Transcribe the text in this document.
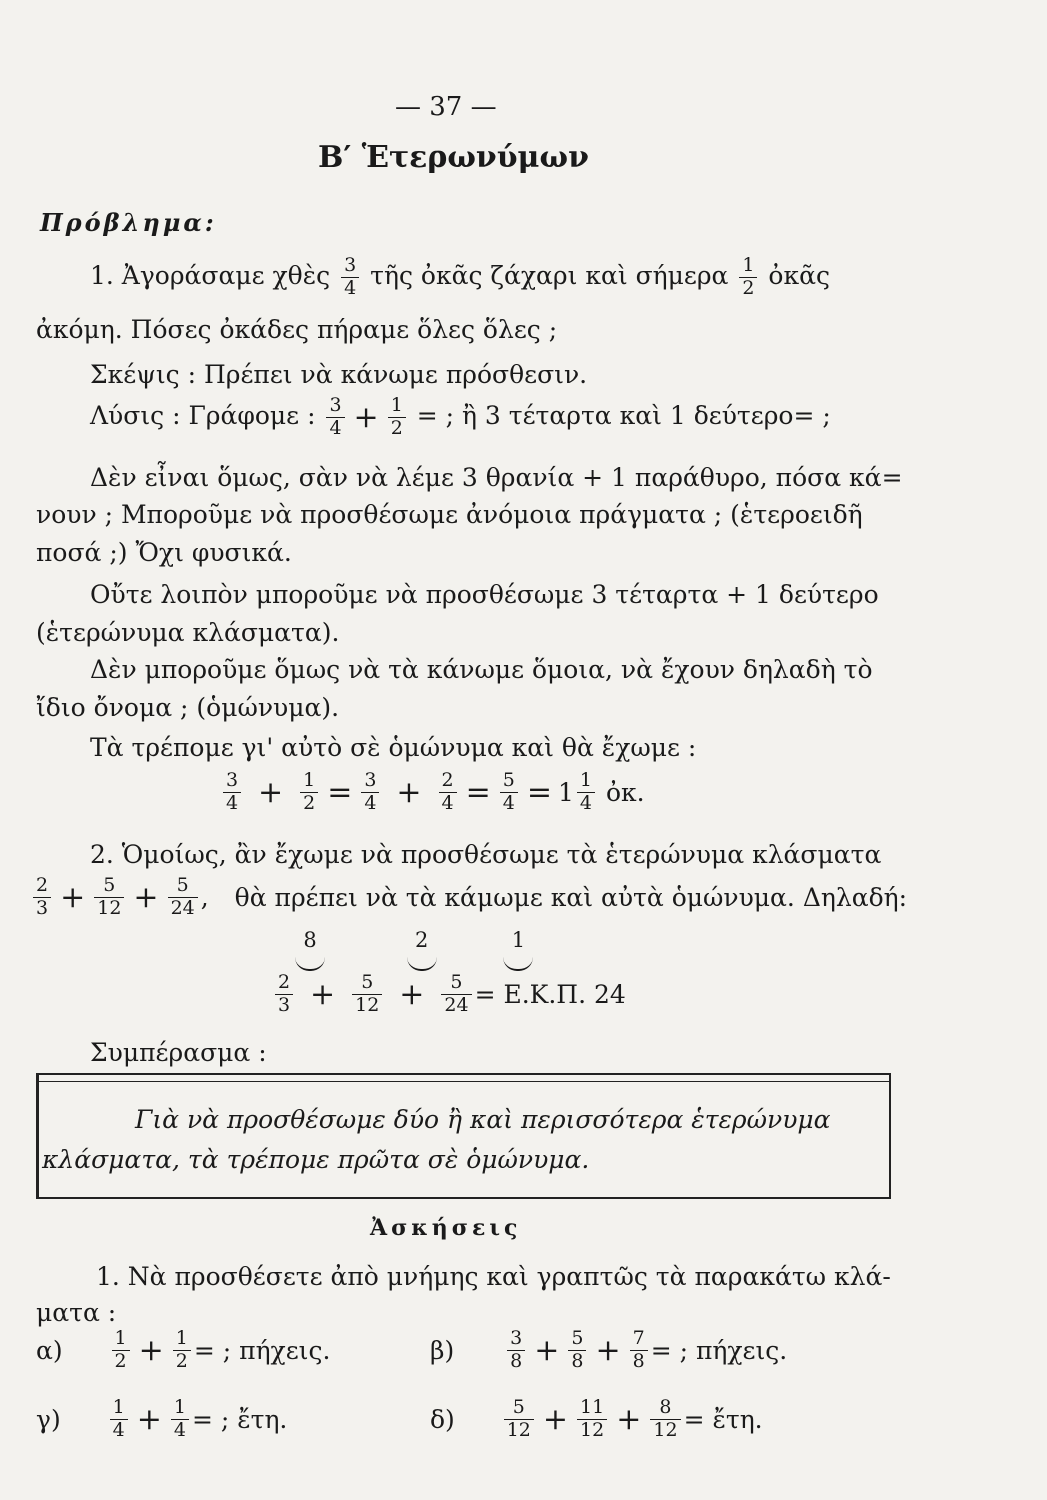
— 37 —
Β′ Ἑτερωνύμων
Πρόβλημα:
1. Ἀγοράσαμε χθὲς $\frac{3}{4}$ τῆς ὀκᾶς ζάχαρι καὶ σήμερα $\frac{1}{2}$ ὀκᾶς
ἀκόμη. Πόσες ὀκάδες πήραμε ὅλες ὅλες ;
Σκέψις : Πρέπει νὰ κάνωμε πρόσθεσιν.
Λύσις : Γράφομε : $\frac{3}{4} + \frac{1}{2}$ = ; ἢ 3 τέταρτα καὶ 1 δεύτερο= ;
Δὲν εἶναι ὅμως, σὰν νὰ λέμε 3 θρανία + 1 παράθυρο, πόσα κά=
νουν ; Μποροῦμε νὰ προσθέσωμε ἀνόμοια πράγματα ; (ἑτεροειδῆ
ποσά ;) Ὄχι φυσικά.
Οὔτε λοιπὸν μποροῦμε νὰ προσθέσωμε 3 τέταρτα + 1 δεύτερο
(ἑτερώνυμα κλάσματα).
Δὲν μποροῦμε ὅμως νὰ τὰ κάνωμε ὅμοια, νὰ ἔχουν δηλαδὴ τὸ
ἴδιο ὄνομα ; (ὁμώνυμα).
Τὰ τρέπομε γι' αὐτὸ σὲ ὁμώνυμα καὶ θὰ ἔχωμε :
$\frac{3}{4} + \frac{1}{2} = \frac{3}{4} + \frac{2}{4} = \frac{5}{4} = 1 \frac{1}{4}$ ὀκ.
2. Ὁμοίως, ἂν ἔχωμε νὰ προσθέσωμε τὰ ἑτερώνυμα κλάσματα
$\frac{2}{3} + \frac{5}{12} + \frac{5}{24}$ , θὰ πρέπει νὰ τὰ κάμωμε καὶ αὐτὰ ὁμώνυμα. Δηλαδή:
8	2	1

$\frac{2}{3} + \frac{5}{12} + \frac{5}{24} = E.K.\Pi$. 24
Συμπέρασμα :

Γιὰ νὰ προσθέσωμε δύο ἢ καὶ περισσότερα ἑτερώνυμα

κλάσματα, τὰ τρέπομε πρῶτα σὲ ὁμώνυμα.

Ἀσκήσεις
1. Νὰ προσθέσετε ἀπὸ μνήμης καὶ γραπτῶς τὰ παρακάτω κλά-
ματα :
α)	$\frac{1}{2} + \frac{1}{2}$ = ; πήχεις.	β)	$\frac{3}{8} + \frac{5}{8} + \frac{7}{8}$ = ; πήχεις.
γ)	$\frac{1}{4} + \frac{1}{4}$ = ; ἔτη.	δ)	$\frac{5}{12} + \frac{11}{12} + \frac{8}{12}$ = ἔτη.
